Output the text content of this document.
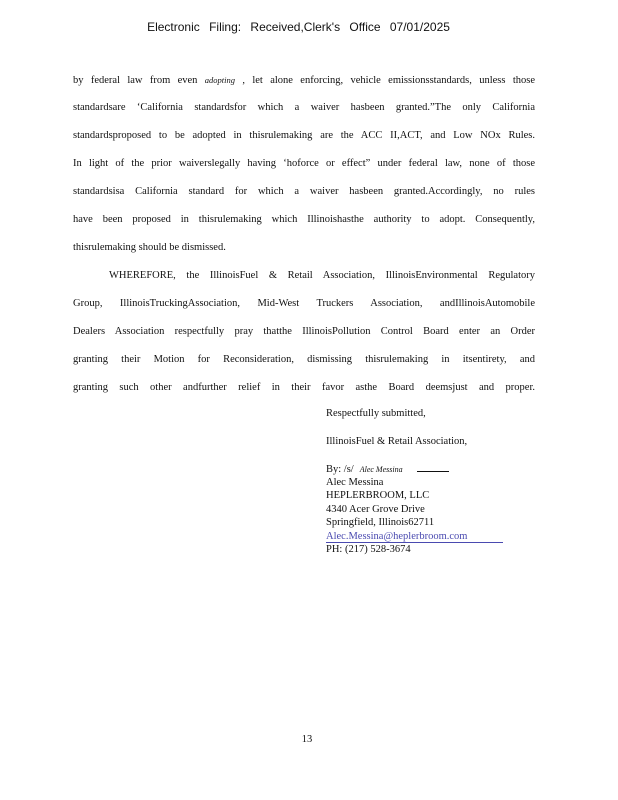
Electronic Filing: Received,Clerk's Office 07/01/2025
by federal law from even adopting , let alone enforcing, vehicle emissionsstandards, unless those
standardsare ‘California standardsfor which a waiver hasbeen granted.”The only California
standardsproposed to be adopted in thisrulemaking are the ACC II,ACT, and Low NOx Rules.
In light of the prior waiverslegally having ‘hoforce or effect” under federal law, none of those
standardsisa California standard for which a waiver hasbeen granted.Accordingly, no rules
have been proposed in thisrulemaking which Illinoishasthe authority to adopt. Consequently,
thisrulemaking should be dismissed.
WHEREFORE, the IllinoisFuel & Retail Association, IllinoisEnvironmental Regulatory
Group, IllinoisTruckingAssociation, Mid-West Truckers Association, andIllinoisAutomobile
Dealers Association respectfully pray thatthe IllinoisPollution Control Board enter an Order
granting their Motion for Reconsideration, dismissing thisrulemaking in itsentirety, and
granting such other andfurther relief in their favor asthe Board deemsjust and proper.
Respectfully submitted,
IllinoisFuel & Retail Association,
By: /s/ Alec Messina
Alec Messina
HEPLERBROOM, LLC
4340 Acer Grove Drive
Springfield, Illinois62711
Alec.Messina@heplerbroom.com
PH: (217) 528-3674
13
